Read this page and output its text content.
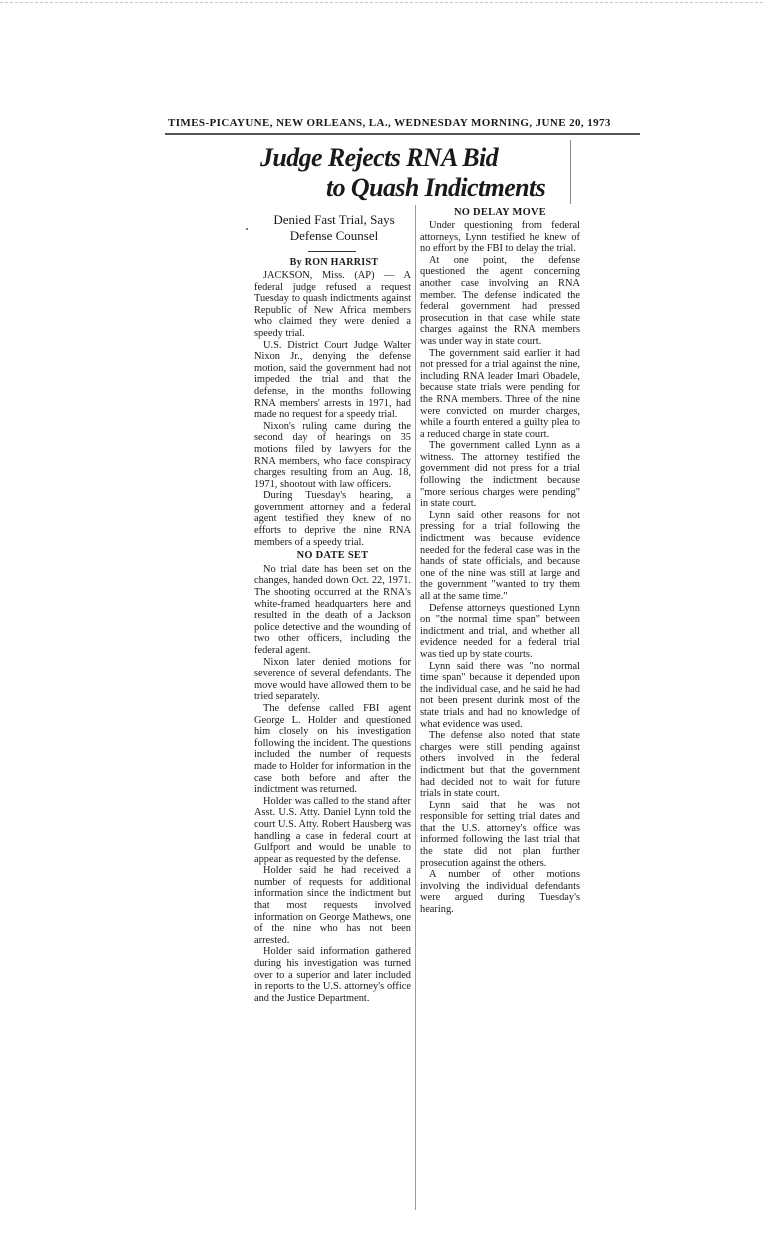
TIMES-PICAYUNE, NEW ORLEANS, LA., WEDNESDAY MORNING, JUNE 20, 1973
Judge Rejects RNA Bid
to Quash Indictments
Denied Fast Trial, Says Defense Counsel
By RON HARRIST

JACKSON, Miss. (AP) — A federal judge refused a request Tuesday to quash indictments against Republic of New Africa members who claimed they were denied a speedy trial.

U.S. District Court Judge Walter Nixon Jr., denying the defense motion, said the government had not impeded the trial and that the defense, in the months following RNA members' arrests in 1971, had made no request for a speedy trial.

Nixon's ruling came during the second day of hearings on 35 motions filed by lawyers for the RNA members, who face conspiracy charges resulting from an Aug. 18, 1971, shootout with law officers.

During Tuesday's hearing, a government attorney and a federal agent testified they knew of no efforts to deprive the nine RNA members of a speedy trial.

NO DATE SET

No trial date has been set on the changes, handed down Oct. 22, 1971. The shooting occurred at the RNA's white-framed headquarters here and resulted in the death of a Jackson police detective and the wounding of two other officers, including the federal agent.

Nixon later denied motions for severence of several defendants. The move would have allowed them to be tried separately.

The defense called FBI agent George L. Holder and questioned him closely on his investigation following the incident. The questions included the number of requests made to Holder for information in the case both before and after the indictment was returned.

Holder was called to the stand after Asst. U.S. Atty. Daniel Lynn told the court U.S. Atty. Robert Hausberg was handling a case in federal court at Gulfport and would be unable to appear as requested by the defense.

Holder said he had received a number of requests for additional information since the indictment but that most requests involved information on George Mathews, one of the nine who has not been arrested.

Holder said information gathered during his investigation was turned over to a superior and later included in reports to the U.S. attorney's office and the Justice Department.

NO DELAY MOVE

Under questioning from federal attorneys, Lynn testified he knew of no effort by the FBI to delay the trial.

At one point, the defense questioned the agent concerning another case involving an RNA member. The defense indicated the federal government had pressed prosecution in that case while state charges against the RNA members was under way in state court.

The government said earlier it had not pressed for a trial against the nine, including RNA leader Imari Obadele, because state trials were pending for the RNA members. Three of the nine were convicted on murder charges, while a fourth entered a guilty plea to a reduced charge in state court.

The government called Lynn as a witness. The attorney testified the government did not press for a trial following the indictment because "more serious charges were pending" in state court.

Lynn said other reasons for not pressing for a trial following the indictment was because evidence needed for the federal case was in the hands of state officials, and because one of the nine was still at large and the government "wanted to try them all at the same time."

Defense attorneys questioned Lynn on "the normal time span" between indictment and trial, and whether all evidence needed for a federal trial was tied up by state courts.

Lynn said there was "no normal time span" because it depended upon the individual case, and he said he had not been present durink most of the state trials and had no knowledge of what evidence was used.

The defense also noted that state charges were still pending against others involved in the federal indictment but that the government had decided not to wait for future trials in state court.

Lynn said that he was not responsible for setting trial dates and that the U.S. attorney's office was informed following the last trial that the state did not plan further prosecution against the others.

A number of other motions involving the individual defendants were argued during Tuesday's hearing.
